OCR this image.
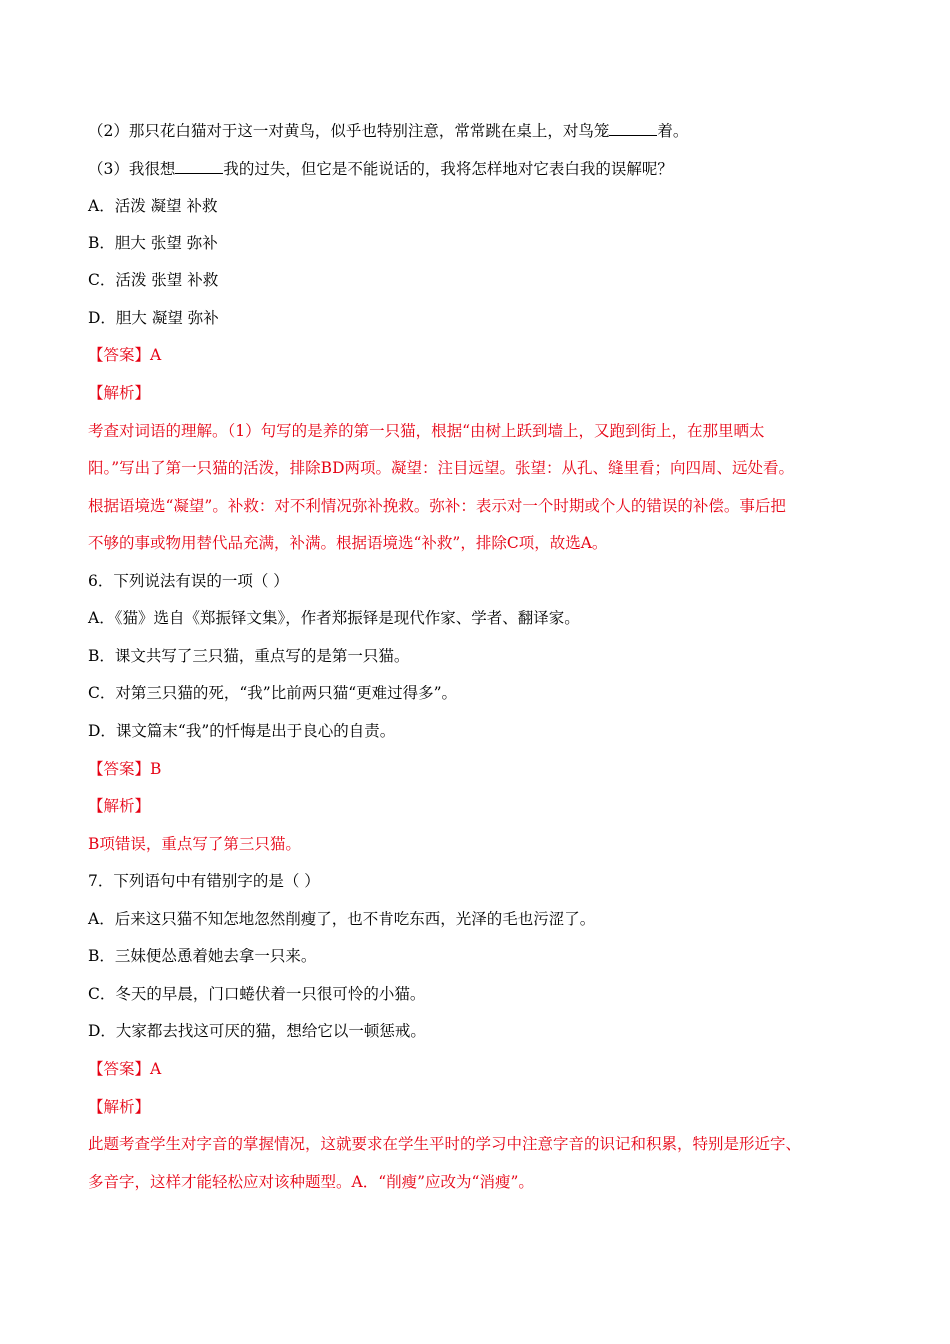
（2）那只花白猫对于这一对黄鸟，似乎也特别注意，常常跳在桌上，对鸟笼	着。
（3）我很想	我的过失，但它是不能说话的，我将怎样地对它表白我的误解呢？
A．活泼 凝望 补救
B．胆大 张望 弥补
C．活泼 张望 补救
D．胆大 凝望 弥补
【答案】A
【解析】
考查对词语的理解。（1）句写的是养的第一只猫，根据“由树上跃到墙上，又跑到街上，在那里晒太
阳。”写出了第一只猫的活泼，排除BD两项。凝望：注目远望。张望：从孔、缝里看；向四周、远处看。
根据语境选“凝望”。补救：对不利情况弥补挽救。弥补：表示对一个时期或个人的错误的补偿。事后把
不够的事或物用替代品充满，补满。根据语境选“补救”，排除C项，故选A。
6．下列说法有误的一项（ ）
A．《猫》选自《郑振铎文集》，作者郑振铎是现代作家、学者、翻译家。
B．课文共写了三只猫，重点写的是第一只猫。
C．对第三只猫的死，“我”比前两只猫“更难过得多”。
D．课文篇末“我”的忏悔是出于良心的自责。
【答案】B
【解析】
B项错误，重点写了第三只猫。
7．下列语句中有错别字的是（ ）
A．后来这只猫不知怎地忽然削瘦了，也不肯吃东西，光泽的毛也污涩了。
B．三妹便怂恿着她去拿一只来。
C．冬天的早晨，门口蜷伏着一只很可怜的小猫。
D．大家都去找这可厌的猫，想给它以一顿惩戒。
【答案】A
【解析】
此题考查学生对字音的掌握情况，这就要求在学生平时的学习中注意字音的识记和积累，特别是形近字、
多音字，这样才能轻松应对该种题型。A．“削瘦”应改为“消瘦”。
